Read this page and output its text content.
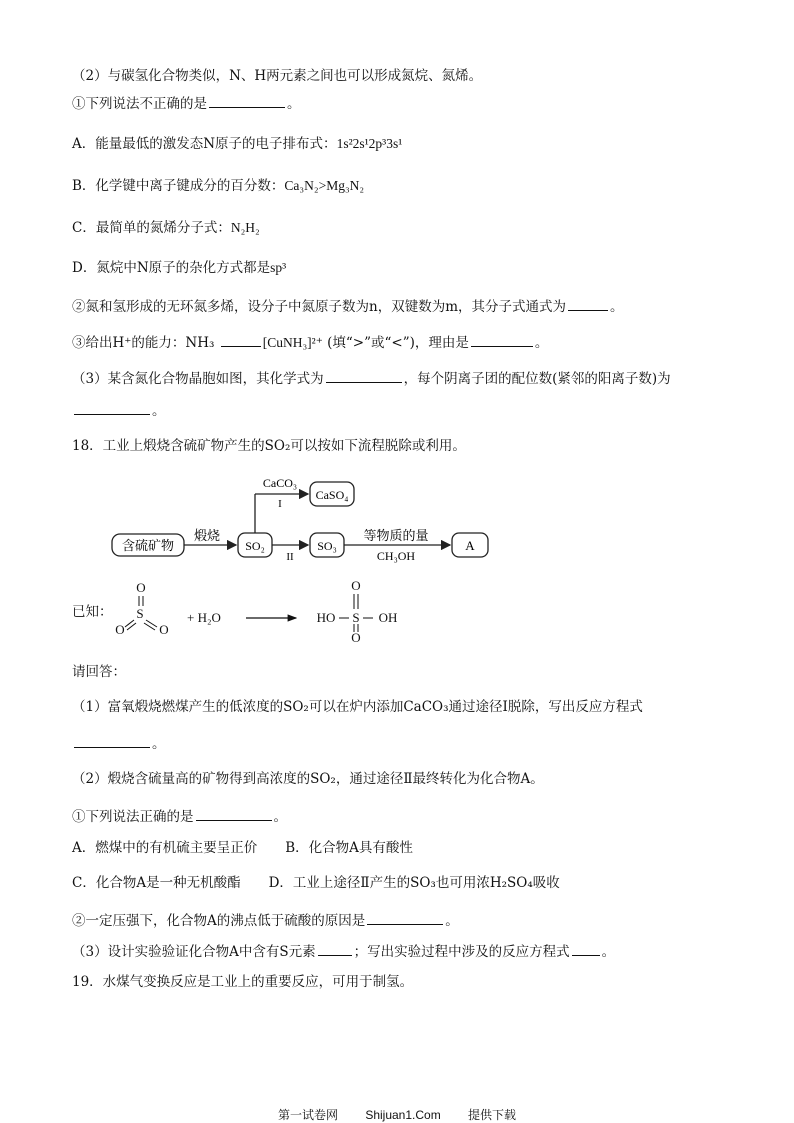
（2）与碳氢化合物类似，N、H两元素之间也可以形成氮烷、氮烯。
①下列说法不正确的是	。
A．能量最低的激发态N原子的电子排布式：1s²2s¹2p³3s¹
B．化学键中离子键成分的百分数：Ca₃N₂>Mg₃N₂
C．最简单的氮烯分子式：N₂H₂
D．氮烷中N原子的杂化方式都是sp³
②氮和氢形成的无环氮多烯，设分子中氮原子数为n，双键数为m，其分子式通式为	。
③给出H⁺的能力：NH₃	[CuNH₃]²⁺ (填“>”或“<”)，理由是	。
（3）某含氮化合物晶胞如图，其化学式为	，每个阴离子团的配位数(紧邻的阳离子数)为
。
18．工业上煅烧含硫矿物产生的SO₂可以按如下流程脱除或利用。
含硫矿物
煅烧
SO₂
CaCO₃
I
CaSO₄
II
SO₃
等物质的量
CH₃OH
A
已知： S
O
O	O
+ H₂O	HO S OH
O
O
请回答：
（1）富氧煅烧燃煤产生的低浓度的SO₂可以在炉内添加CaCO₃通过途径Ⅰ脱除，写出反应方程式
。
（2）煅烧含硫量高的矿物得到高浓度的SO₂，通过途径Ⅱ最终转化为化合物A。
①下列说法正确的是	。
A．燃煤中的有机硫主要呈正价 B．化合物A具有酸性
C．化合物A是一种无机酸酯 D．工业上途径Ⅱ产生的SO₃也可用浓H₂SO₄吸收
②一定压强下，化合物A的沸点低于硫酸的原因是	。
（3）设计实验验证化合物A中含有S元素	；写出实验过程中涉及的反应方程式 。
19．水煤气变换反应是工业上的重要反应，可用于制氢。
第一试卷网 Shijuan1.Com 提供下载
